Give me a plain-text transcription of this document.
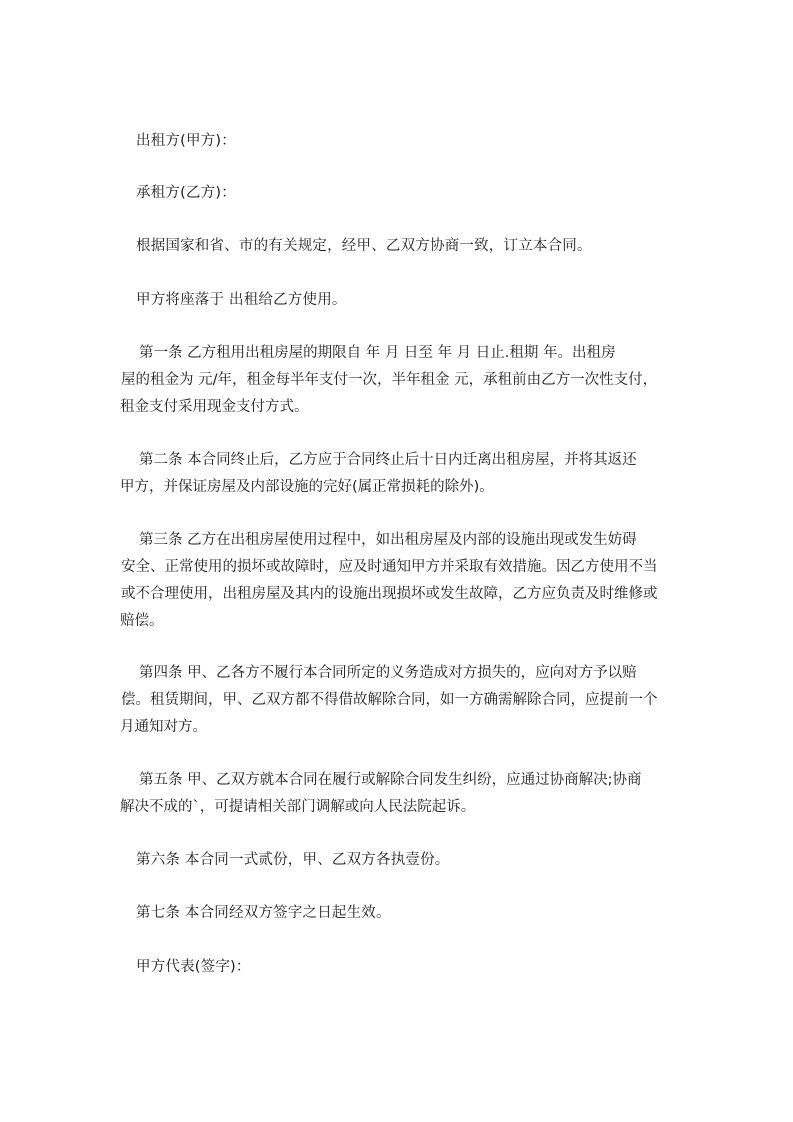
出租方(甲方)：
承租方(乙方)：
根据国家和省、市的有关规定，经甲、乙双方协商一致，订立本合同。
甲方将座落于 出租给乙方使用。
第一条 乙方租用出租房屋的期限自 年 月 日至 年 月 日止.租期 年。出租房
屋的租金为 元/年，租金每半年支付一次，半年租金 元，承租前由乙方一次性支付，
租金支付采用现金支付方式。
第二条 本合同终止后，乙方应于合同终止后十日内迁离出租房屋，并将其返还
甲方，并保证房屋及内部设施的完好(属正常损耗的除外)。
第三条 乙方在出租房屋使用过程中，如出租房屋及内部的设施出现或发生妨碍
安全、正常使用的损坏或故障时，应及时通知甲方并采取有效措施。因乙方使用不当
或不合理使用，出租房屋及其内的设施出现损坏或发生故障，乙方应负责及时维修或
赔偿。
第四条 甲、乙各方不履行本合同所定的义务造成对方损失的，应向对方予以赔
偿。租赁期间，甲、乙双方都不得借故解除合同，如一方确需解除合同，应提前一个
月通知对方。
第五条 甲、乙双方就本合同在履行或解除合同发生纠纷，应通过协商解决;协商
解决不成的`，可提请相关部门调解或向人民法院起诉。
第六条 本合同一式贰份，甲、乙双方各执壹份。
第七条 本合同经双方签字之日起生效。
甲方代表(签字)：
